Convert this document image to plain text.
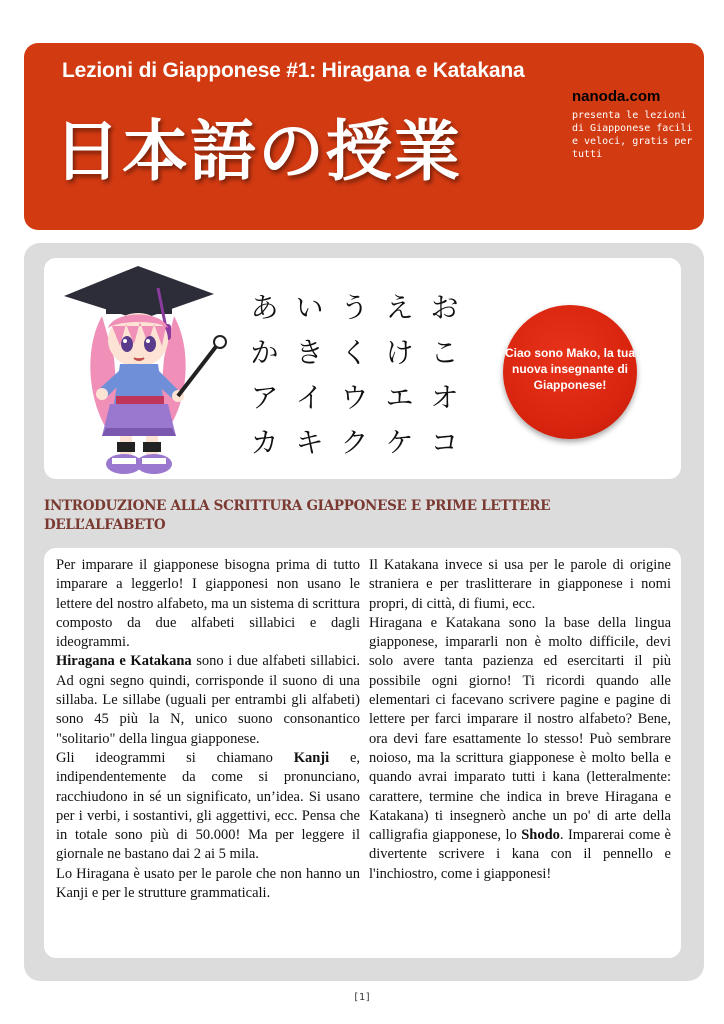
Lezioni di Giapponese #1: Hiragana e Katakana
日本語の授業
nanoda.com
presenta le lezioni di Giapponese facili e veloci, gratis per tutti
あ い う え お
か き く け こ
ア イ ウ エ オ
カ キ ク ケ コ
Ciao sono Mako, la tua nuova insegnante di Giapponese!
INTRODUZIONE ALLA SCRITTURA GIAPPONESE E PRIME LETTERE DELL’ALFABETO

Per imparare il giapponese bisogna prima di tutto imparare a leggerlo! I giapponesi non usano le lettere del nostro alfabeto, ma un sistema di scrittura composto da due alfabeti sillabici e dagli ideogrammi.

Hiragana e Katakana sono i due alfabeti sillabici. Ad ogni segno quindi, corrisponde il suono di una sillaba. Le sillabe (uguali per entrambi gli alfabeti) sono 45 più la N, unico suono consonantico "solitario" della lingua giapponese.

Gli ideogrammi si chiamano Kanji e, indipendentemente da come si pronunciano, racchiudono in sé un significato, un’idea. Si usano per i verbi, i sostantivi, gli aggettivi, ecc. Pensa che in totale sono più di 50.000! Ma per leggere il giornale ne bastano dai 2 ai 5 mila.

Lo Hiragana è usato per le parole che non hanno un Kanji e per le strutture grammaticali.

Il Katakana invece si usa per le parole di origine straniera e per traslitterare in giapponese i nomi propri, di città, di fiumi, ecc.

Hiragana e Katakana sono la base della lingua giapponese, impararli non è molto difficile, devi solo avere tanta pazienza ed esercitarti il più possibile ogni giorno! Ti ricordi quando alle elementari ci facevano scrivere pagine e pagine di lettere per farci imparare il nostro alfabeto? Bene, ora devi fare esattamente lo stesso! Può sembrare noioso, ma la scrittura giapponese è molto bella e quando avrai imparato tutti i kana (letteralmente: carattere, termine che indica in breve Hiragana e Katakana) ti insegnerò anche un po' di arte della calligrafia giapponese, lo Shodo. Imparerai come è divertente scrivere i kana con il pennello e l'inchiostro, come i giapponesi!

[1]
